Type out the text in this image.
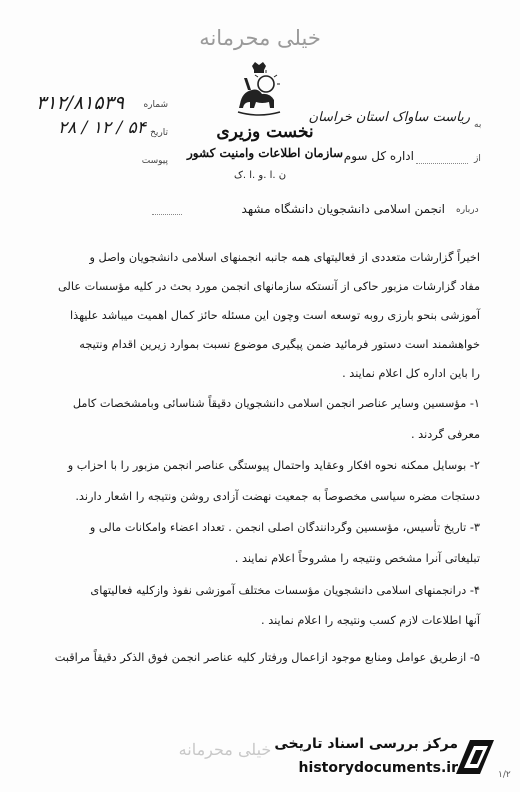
خیلی محرمانه
نخست وزیری
سازمان اطلاعات وامنیت کشور
ن .ا .و .ا .ک
شماره
۳۱۲/۸۱۵۳۹
تاریخ
۲۸ / ۱۲ / ۵۴
پیوست
به
ریاست ساواک استان خراسان
از
اداره کل سوم
درباره
انجمن اسلامی دانشجویان دانشگاه مشهد
اخیراً گزارشات متعددی از فعالیتهای همه جانبه انجمنهای اسلامی دانشجویان واصل و
مفاد گزارشات مزبور حاکی از آنستکه سازمانهای انجمن مورد بحث در کلیه مؤسسات عالی
آموزشی بنحو بارزی روبه توسعه است وچون این مسئله حائز کمال اهمیت میباشد علیهذا
خواهشمند است دستور فرمائید ضمن پیگیری موضوع نسبت بموارد زیرین اقدام ونتیجه
را باین اداره کل اعلام نمایند .
۱- مؤسسین وسایر عناصر انجمن اسلامی دانشجویان دقیقاً شناسائی وبامشخصات کامل
معرفی گردند .
۲- بوسایل ممکنه نحوه افکار وعقاید واحتمال پیوستگی عناصر انجمن مزبور را با احزاب و
دستجات مضره سیاسی مخصوصاً به جمعیت نهضت آزادی روشن ونتیجه را اشعار دارند.
۳- تاریخ تأسیس، مؤسسین وگردانندگان اصلی انجمن . تعداد اعضاء وامکانات مالی و
تبلیغاتی آنرا مشخص ونتیجه را مشروحاً اعلام نمایند .
۴- درانجمنهای اسلامی دانشجویان مؤسسات مختلف آموزشی نفوذ وازکلیه فعالیتهای
آنها اطلاعات لازم کسب ونتیجه را اعلام نمایند .
۵- ازطریق عوامل ومنابع موجود ازاعمال ورفتار کلیه عناصر انجمن فوق الذکر دقیقاً مراقبت
خیلی محرمانه مرکز بررسی اسناد تاریخی
historydocuments.ir	۱/۲
